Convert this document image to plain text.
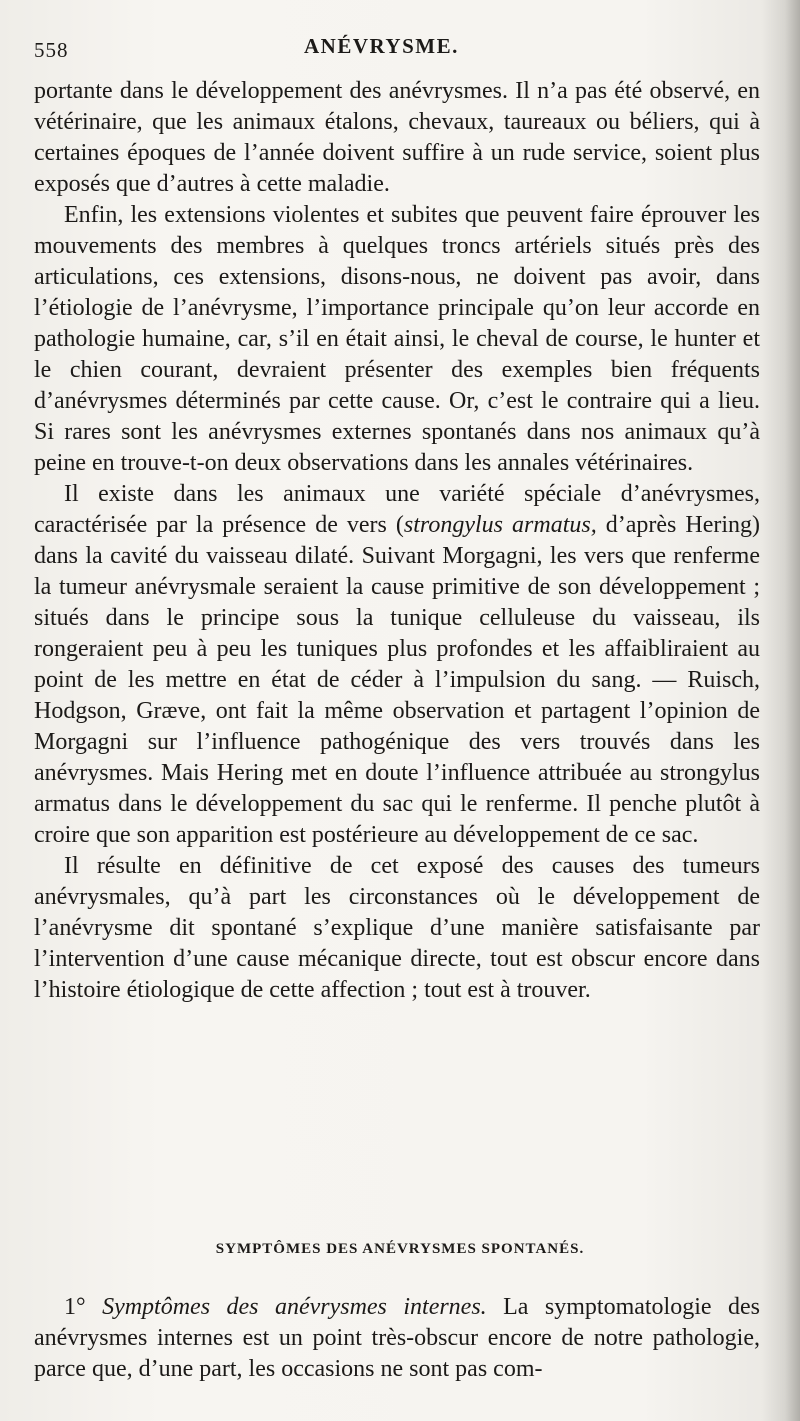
558	ANÉVRYSME.

portante dans le développement des anévrysmes. Il n’a pas été observé, en vétérinaire, que les animaux étalons, chevaux, taureaux ou béliers, qui à certaines époques de l’année doivent suffire à un rude service, soient plus exposés que d’autres à cette maladie.

Enfin, les extensions violentes et subites que peuvent faire éprouver les mouvements des membres à quelques troncs artériels situés près des articulations, ces extensions, disons-nous, ne doivent pas avoir, dans l’étiologie de l’anévrysme, l’importance principale qu’on leur accorde en pathologie humaine, car, s’il en était ainsi, le cheval de course, le hunter et le chien courant, devraient présenter des exemples bien fréquents d’anévrysmes déterminés par cette cause. Or, c’est le contraire qui a lieu. Si rares sont les anévrysmes externes spontanés dans nos animaux qu’à peine en trouve-t-on deux observations dans les annales vétérinaires.

Il existe dans les animaux une variété spéciale d’anévrysmes, caractérisée par la présence de vers (strongylus armatus, d’après Hering) dans la cavité du vaisseau dilaté. Suivant Morgagni, les vers que renferme la tumeur anévrysmale seraient la cause primitive de son développement ; situés dans le principe sous la tunique celluleuse du vaisseau, ils rongeraient peu à peu les tuniques plus profondes et les affaibliraient au point de les mettre en état de céder à l’impulsion du sang. — Ruisch, Hodgson, Græve, ont fait la même observation et partagent l’opinion de Morgagni sur l’influence pathogénique des vers trouvés dans les anévrysmes. Mais Hering met en doute l’influence attribuée au strongylus armatus dans le développement du sac qui le renferme. Il penche plutôt à croire que son apparition est postérieure au développement de ce sac.

Il résulte en définitive de cet exposé des causes des tumeurs anévrysmales, qu’à part les circonstances où le développement de l’anévrysme dit spontané s’explique d’une manière satisfaisante par l’intervention d’une cause mécanique directe, tout est obscur encore dans l’histoire étiologique de cette affection ; tout est à trouver.

SYMPTÔMES DES ANÉVRYSMES SPONTANÉS.

1° Symptômes des anévrysmes internes. La symptomatologie des anévrysmes internes est un point très-obscur encore de notre pathologie, parce que, d’une part, les occasions ne sont pas com-
